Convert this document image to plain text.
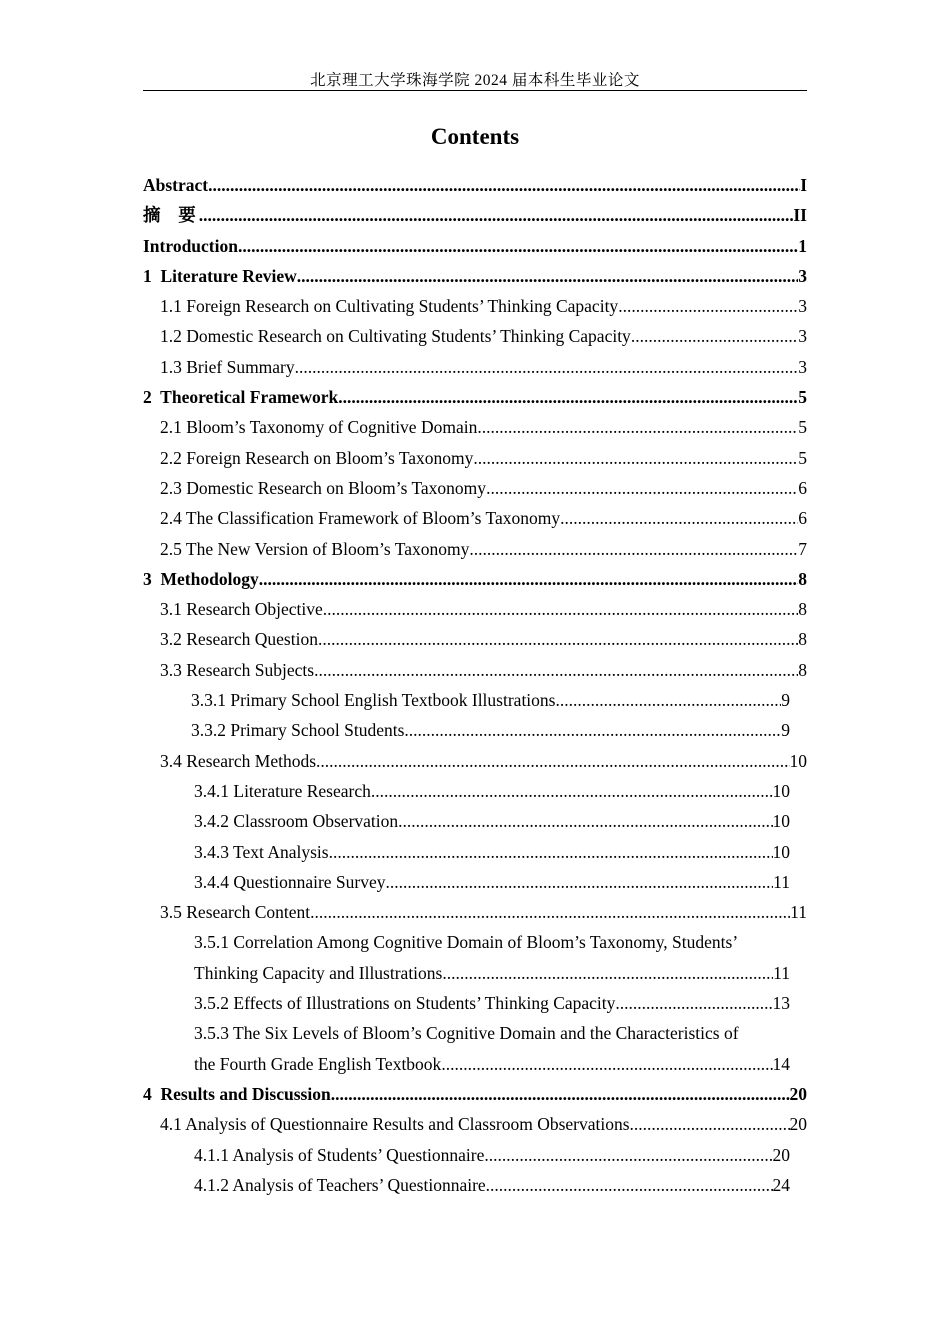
北京理工大学珠海学院 2024 届本科生毕业论文
Contents
Abstract .....	I
摘  要 .....	II
Introduction .....	1
1  Literature Review .....	3
1.1 Foreign Research on Cultivating Students’ Thinking Capacity .....	3
1.2 Domestic Research on Cultivating Students’ Thinking Capacity .....	3
1.3 Brief Summary .....	3
2  Theoretical Framework .....	5
2.1 Bloom’s Taxonomy of Cognitive Domain .....	5
2.2 Foreign Research on Bloom’s Taxonomy .....	5
2.3 Domestic Research on Bloom’s Taxonomy .....	6
2.4 The Classification Framework of Bloom’s Taxonomy .....	6
2.5 The New Version of Bloom’s Taxonomy .....	7
3  Methodology .....	8
3.1 Research Objective .....	8
3.2 Research Question .....	8
3.3 Research Subjects .....	8
3.3.1 Primary School English Textbook Illustrations .....	9
3.3.2 Primary School Students .....	9
3.4 Research Methods .....	10
3.4.1 Literature Research .....	10
3.4.2 Classroom Observation .....	10
3.4.3 Text Analysis .....	10
3.4.4 Questionnaire Survey .....	11
3.5 Research Content .....	11
3.5.1 Correlation Among Cognitive Domain of Bloom’s Taxonomy, Students’
Thinking Capacity and Illustrations .....	11
3.5.2 Effects of Illustrations on Students’ Thinking Capacity .....	13
3.5.3 The Six Levels of Bloom’s Cognitive Domain and the Characteristics of
the Fourth Grade English Textbook .....	14
4  Results and Discussion .....	20
4.1 Analysis of Questionnaire Results and Classroom Observations .....	20
4.1.1 Analysis of Students’ Questionnaire .....	20
4.1.2 Analysis of Teachers’ Questionnaire .....	24
